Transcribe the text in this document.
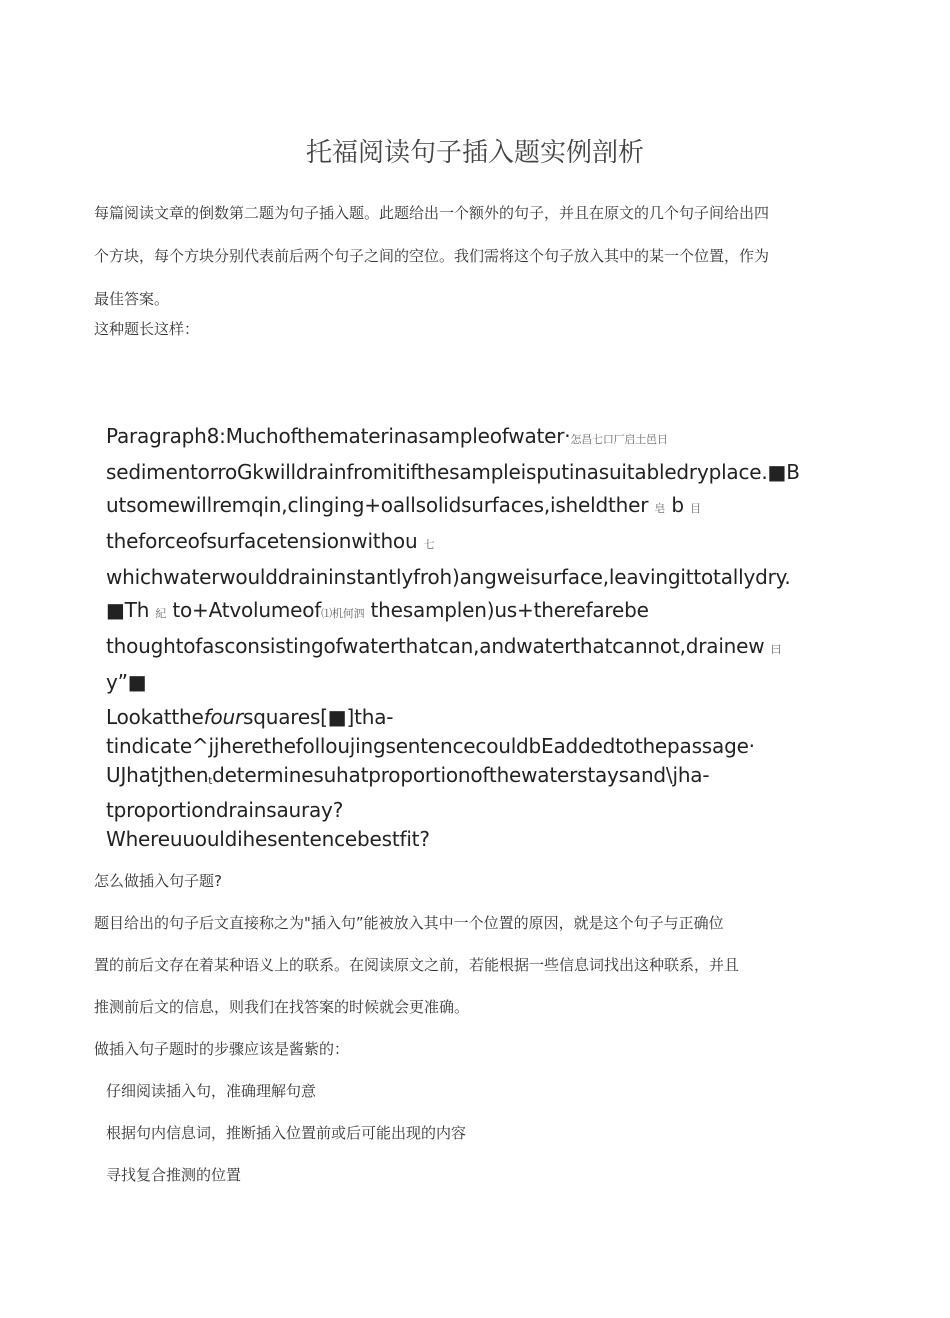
托福阅读句子插入题实例剖析

每篇阅读文章的倒数第二题为句子插入题。此题给出一个额外的句子，并且在原文的几个句子间给出四

个方块，每个方块分别代表前后两个句子之间的空位。我们需将这个句子放入其中的某一个位置，作为

最佳答案。

这种题长这样：

Paragraph8:Muchofthematerinasampleofwater·怎昌七口厂启土邑日

sedimentorroGkwilldrainfromitifthesampleisputinasuitabledryplace.■B

utsomewillremqin,clinging+oallsolidsurfaces,isheldther 皂 b 目

theforceofsurfacetensionwithou 七

whichwaterwoulddraininstantlyfroh)angweisurface,leavingittotallydry.

■Th 紀 to+Atvolumeof⑴机何泗 thesamplen)us+therefarebe

thoughtofasconsistingofwaterthatcan,andwaterthatcannot,drainew 曰

y”■

Lookatthefoursquares[■]tha-

tindicate^jjherethefolloujingsentencecouldbEaddedtothepassage·

UJhatjthen$_t$determinesuhatproportionofthewaterstaysand\jha-

tproportiondrainsauray?

Whereuuouldihesentencebestfit?

怎么做插入句子题?

题目给出的句子后文直接称之为"插入句”能被放入其中一个位置的原因，就是这个句子与正确位

置的前后文存在着某种语义上的联系。在阅读原文之前，若能根据一些信息词找出这种联系，并且

推测前后文的信息，则我们在找答案的时候就会更准确。

做插入句子题时的步骤应该是酱紫的：

仔细阅读插入句，准确理解句意

根据句内信息词，推断插入位置前或后可能出现的内容

寻找复合推测的位置
